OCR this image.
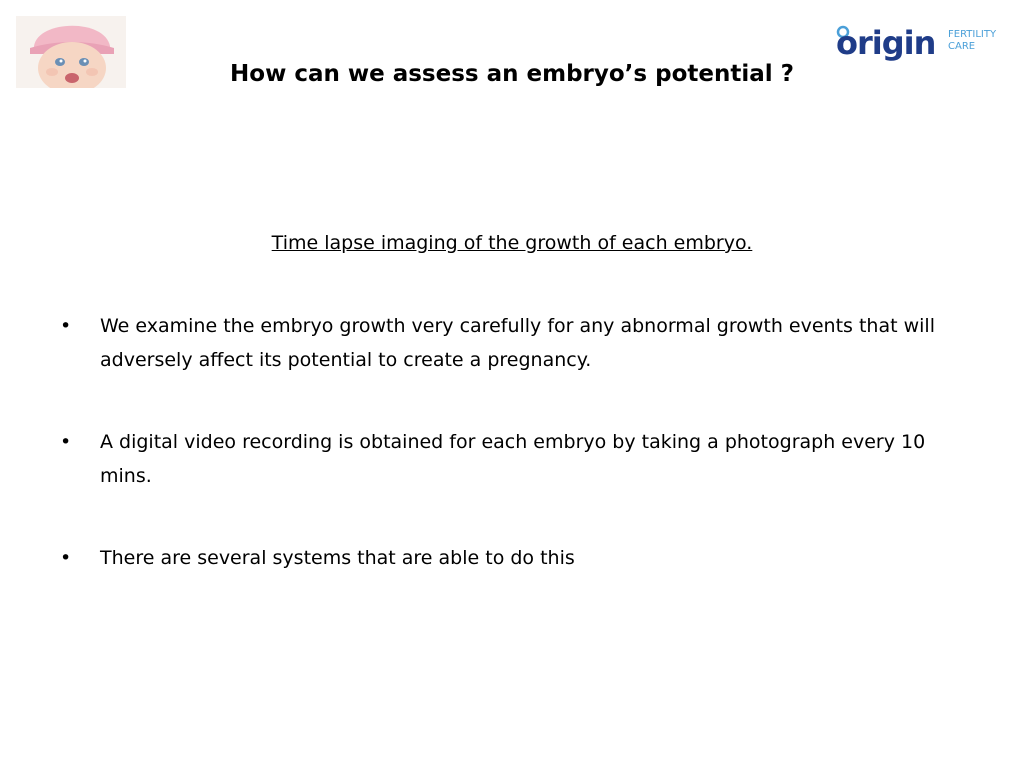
origin FERTILITY
CARE
How can we assess an embryo’s potential ?
Time lapse imaging of the growth of each embryo.
• We examine the embryo growth very carefully for any abnormal growth events that will adversely affect its potential to create a pregnancy.
• A digital video recording is obtained for each embryo by taking a photograph every 10 mins.
• There are several systems that are able to do this
